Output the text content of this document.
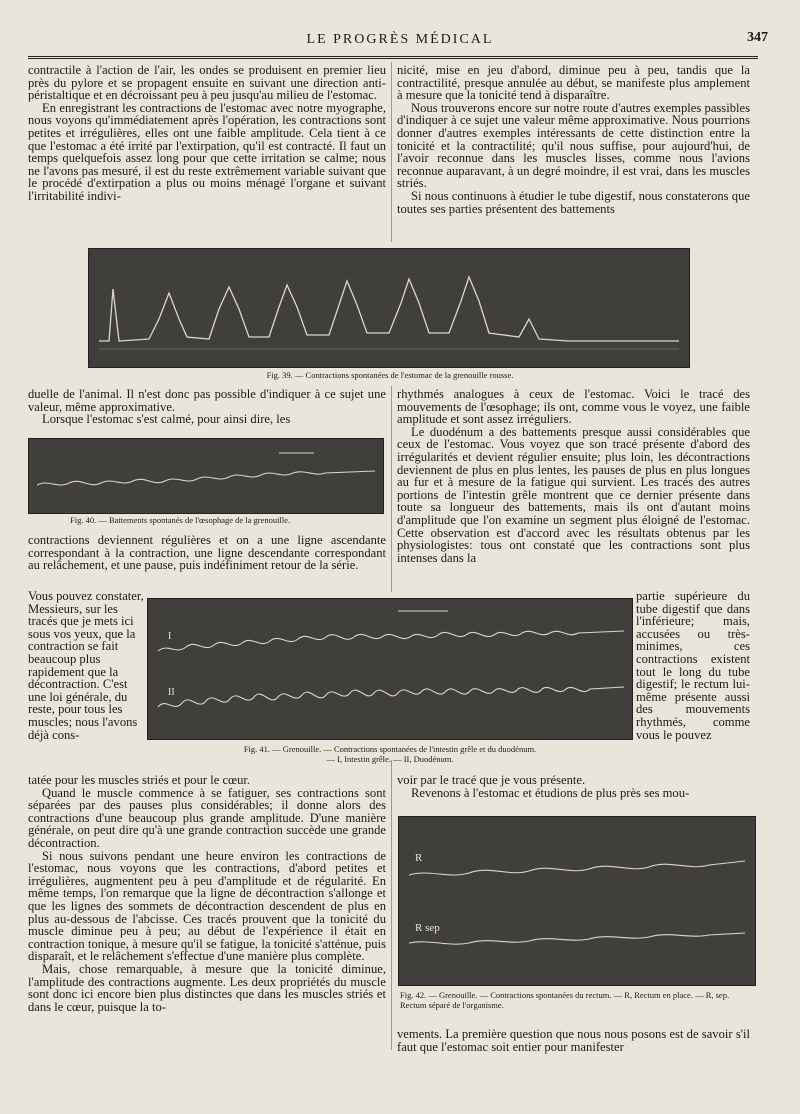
LE PROGRÈS MÉDICAL	347

contractile à l'action de l'air, les ondes se produisent en premier lieu près du pylore et se propagent ensuite en suivant une direction anti-péristaltique et en décroissant peu à peu jusqu'au milieu de l'estomac.

En enregistrant les contractions de l'estomac avec notre myographe, nous voyons qu'immédiatement après l'opération, les contractions sont petites et irrégulières, elles ont une faible amplitude. Cela tient à ce que l'estomac a été irrité par l'extirpation, qu'il est contracté. Il faut un temps quelquefois assez long pour que cette irritation se calme; nous ne l'avons pas mesuré, il est du reste extrêmement variable suivant que le procédé d'extirpation a plus ou moins ménagé l'organe et suivant l'irritabilité indivi-

nicité, mise en jeu d'abord, diminue peu à peu, tandis que la contractilité, presque annulée au début, se manifeste plus amplement à mesure que la tonicité tend à disparaître.

Nous trouverons encore sur notre route d'autres exemples passibles d'indiquer à ce sujet une valeur même approximative. Nous pourrions donner d'autres exemples intéressants de cette distinction entre la tonicité et la contractilité; qu'il nous suffise, pour aujourd'hui, de l'avoir reconnue dans les muscles lisses, comme nous l'avions reconnue auparavant, à un degré moindre, il est vrai, dans les muscles striés.

Si nous continuons à étudier le tube digestif, nous constaterons que toutes ses parties présentent des battements

Fig. 39. — Contractions spontanées de l'estomac de la grenouille rousse.

duelle de l'animal. Il n'est donc pas possible d'indiquer à ce sujet une valeur, même approximative.

Lorsque l'estomac s'est calmé, pour ainsi dire, les

Fig. 40. — Battements spontanés de l'œsophage de la grenouille.

contractions deviennent régulières et on a une ligne ascendante correspondant à la contraction, une ligne descendante correspondant au relâchement, et une pause, puis indéfiniment retour de la série.

rhythmés analogues à ceux de l'estomac. Voici le tracé des mouvements de l'œsophage; ils ont, comme vous le voyez, une faible amplitude et sont assez irréguliers.

Le duodénum a des battements presque aussi considérables que ceux de l'estomac. Vous voyez que son tracé présente d'abord des irrégularités et devient régulier ensuite; plus loin, les décontractions deviennent de plus en plus lentes, les pauses de plus en plus longues au fur et à mesure de la fatigue qui survient. Les tracés des autres portions de l'intestin grêle montrent que ce dernier présente dans toute sa longueur des battements, mais ils ont d'autant moins d'amplitude que l'on examine un segment plus éloigné de l'estomac. Cette observation est d'accord avec les résultats obtenus par les physiologistes: tous ont constaté que les contractions sont plus intenses dans la

Vous pouvez constater, Messieurs, sur les tracés que je mets ici sous vos yeux, que la contraction se fait beaucoup plus rapidement que la décontraction. C'est une loi générale, du reste, pour tous les muscles; nous l'avons déjà cons-

I
II
Fig. 41. — Grenouille. — Contractions spontanées de l'intestin grêle et du duodénum.
— I, Intestin grêle. — II, Duodénum.

partie supérieure du tube digestif que dans l'inférieure; mais, accusées ou très-minimes, ces contractions existent tout le long du tube digestif; le rectum lui-même présente aussi des mouvements rhythmés, comme vous le pouvez

tatée pour les muscles striés et pour le cœur.

Quand le muscle commence à se fatiguer, ses contractions sont séparées par des pauses plus considérables; il donne alors des contractions d'une beaucoup plus grande amplitude. D'une manière générale, on peut dire qu'à une grande contraction succède une grande décontraction.

Si nous suivons pendant une heure environ les contractions de l'estomac, nous voyons que les contractions, d'abord petites et irrégulières, augmentent peu à peu d'amplitude et de régularité. En même temps, l'on remarque que la ligne de décontraction s'allonge et que les lignes des sommets de décontraction descendent de plus en plus au-dessous de l'abcisse. Ces tracés prouvent que la tonicité du muscle diminue peu à peu; au début de l'expérience il était en contraction tonique, à mesure qu'il se fatigue, la tonicité s'atténue, puis disparaît, et le relâchement s'effectue d'une manière plus complète.

Mais, chose remarquable, à mesure que la tonicité diminue, l'amplitude des contractions augmente. Les deux propriétés du muscle sont donc ici encore bien plus distinctes que dans les muscles striés et dans le cœur, puisque la to-

voir par le tracé que je vous présente.

Revenons à l'estomac et étudions de plus près ses mou-

R
R sep
Fig. 42. — Grenouille. — Contractions spontanées du rectum. — R, Rectum en place. — R, sep. Rectum séparé de l'organisme.

vements. La première question que nous nous posons est de savoir s'il faut que l'estomac soit entier pour manifester
